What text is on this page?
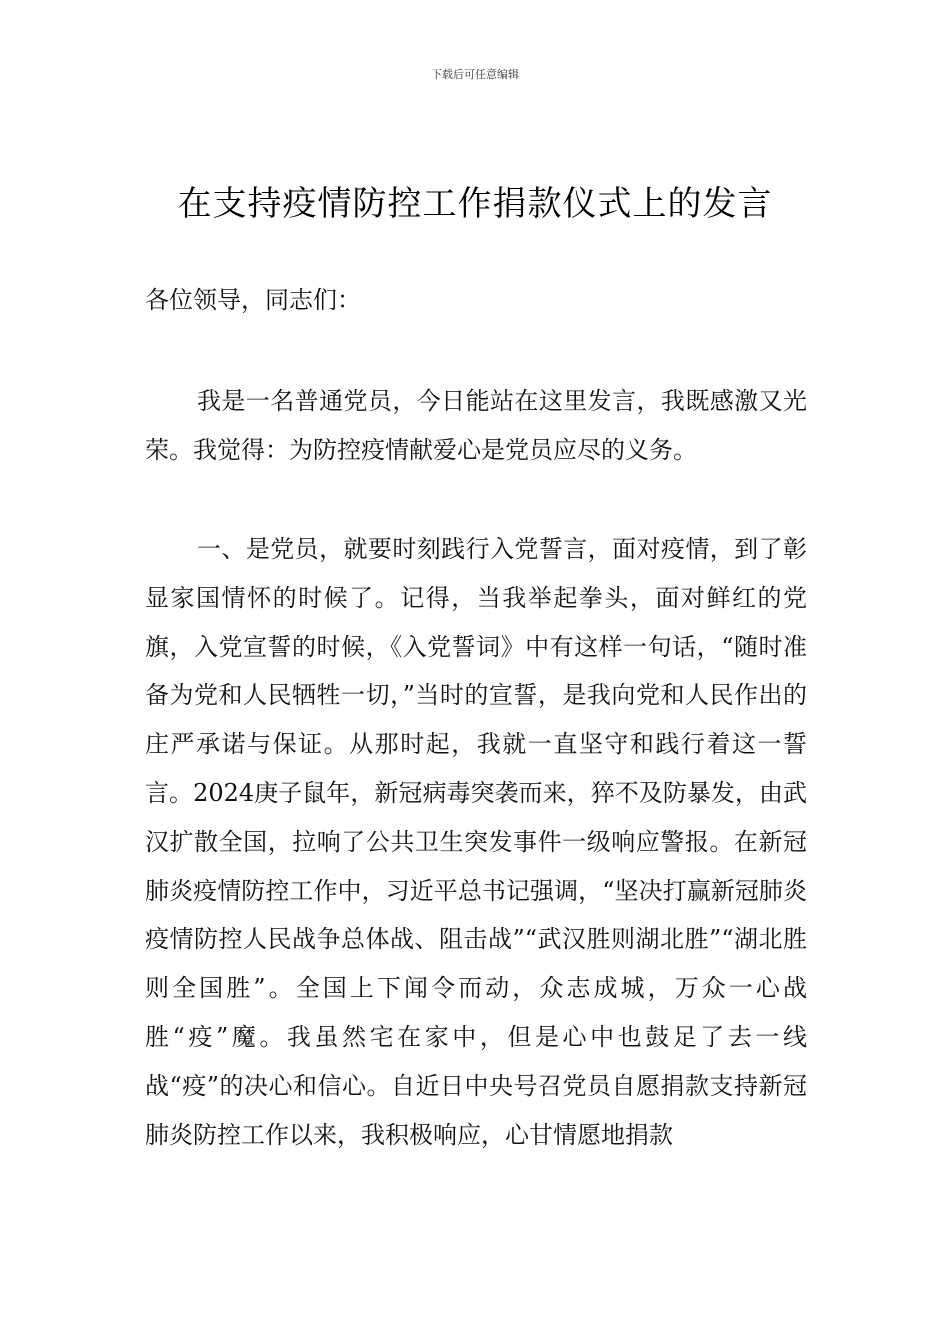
下载后可任意编辑
在支持疫情防控工作捐款仪式上的发言

各位领导，同志们：

我是一名普通党员，今日能站在这里发言，我既感激又光荣。我觉得：为防控疫情献爱心是党员应尽的义务。

一、是党员，就要时刻践行入党誓言，面对疫情，到了彰显家国情怀的时候了。记得，当我举起拳头，面对鲜红的党旗，入党宣誓的时候，《入党誓词》中有这样一句话，“随时准备为党和人民牺牲一切，”当时的宣誓，是我向党和人民作出的庄严承诺与保证。从那时起，我就一直坚守和践行着这一誓言。2024庚子鼠年，新冠病毒突袭而来，猝不及防暴发，由武汉扩散全国，拉响了公共卫生突发事件一级响应警报。在新冠肺炎疫情防控工作中，习近平总书记强调，“坚决打赢新冠肺炎疫情防控人民战争总体战、阻击战”“武汉胜则湖北胜”“湖北胜则全国胜”。全国上下闻令而动，众志成城，万众一心战胜“疫”魔。我虽然宅在家中，但是心中也鼓足了去一线战“疫”的决心和信心。自近日中央号召党员自愿捐款支持新冠肺炎防控工作以来，我积极响应，心甘情愿地捐款
